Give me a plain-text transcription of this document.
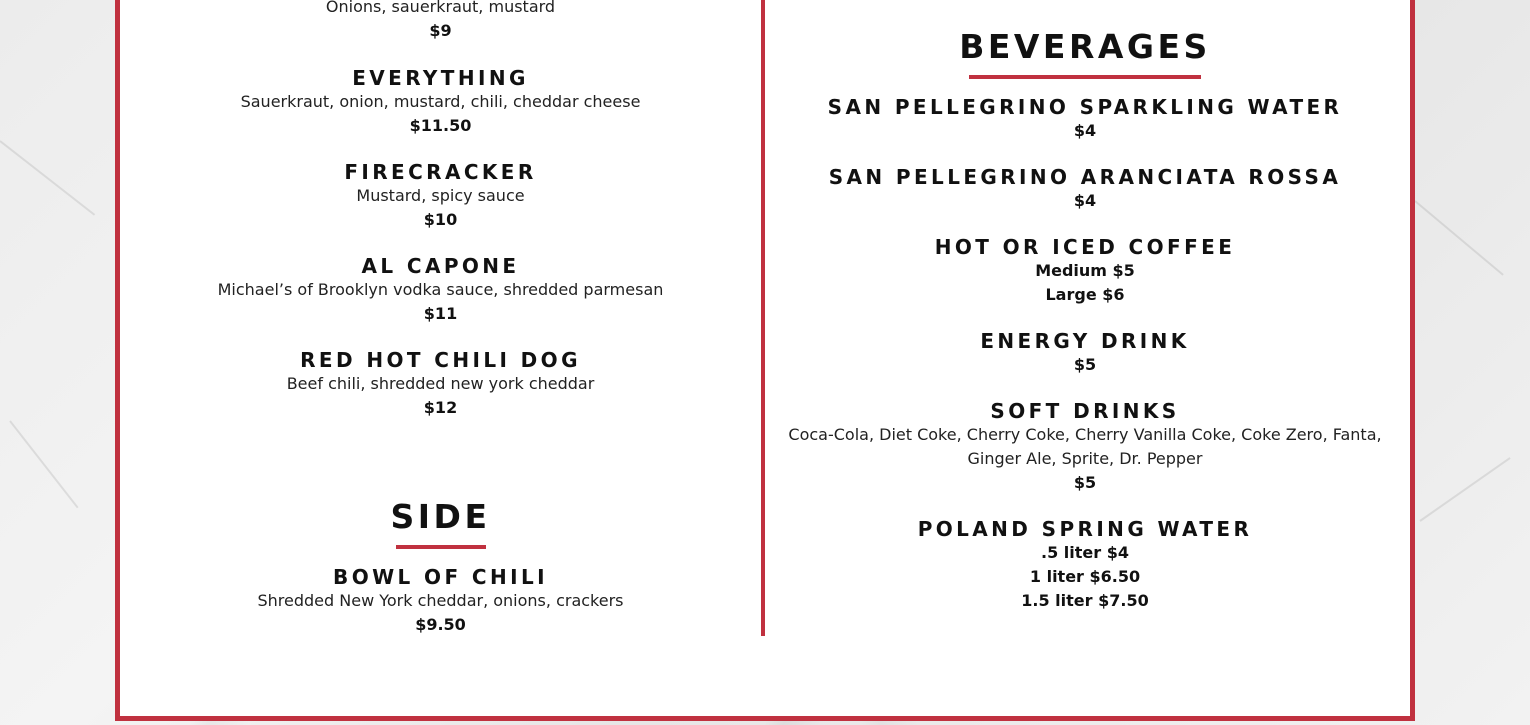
Onions, sauerkraut, mustard
$9
EVERYTHING
Sauerkraut, onion, mustard, chili, cheddar cheese
$11.50
FIRECRACKER
Mustard, spicy sauce
$10
AL CAPONE
Michael’s of Brooklyn vodka sauce, shredded parmesan
$11
RED HOT CHILI DOG
Beef chili, shredded new york cheddar
$12
SIDE
BOWL OF CHILI
Shredded New York cheddar, onions, crackers
$9.50
BEVERAGES
SAN PELLEGRINO SPARKLING WATER
$4
SAN PELLEGRINO ARANCIATA ROSSA
$4
HOT OR ICED COFFEE
Medium $5
Large $6
ENERGY DRINK
$5
SOFT DRINKS
Coca-Cola, Diet Coke, Cherry Coke, Cherry Vanilla Coke, Coke Zero, Fanta,
Ginger Ale, Sprite, Dr. Pepper
$5
POLAND SPRING WATER
.5 liter $4
1 liter $6.50
1.5 liter $7.50
